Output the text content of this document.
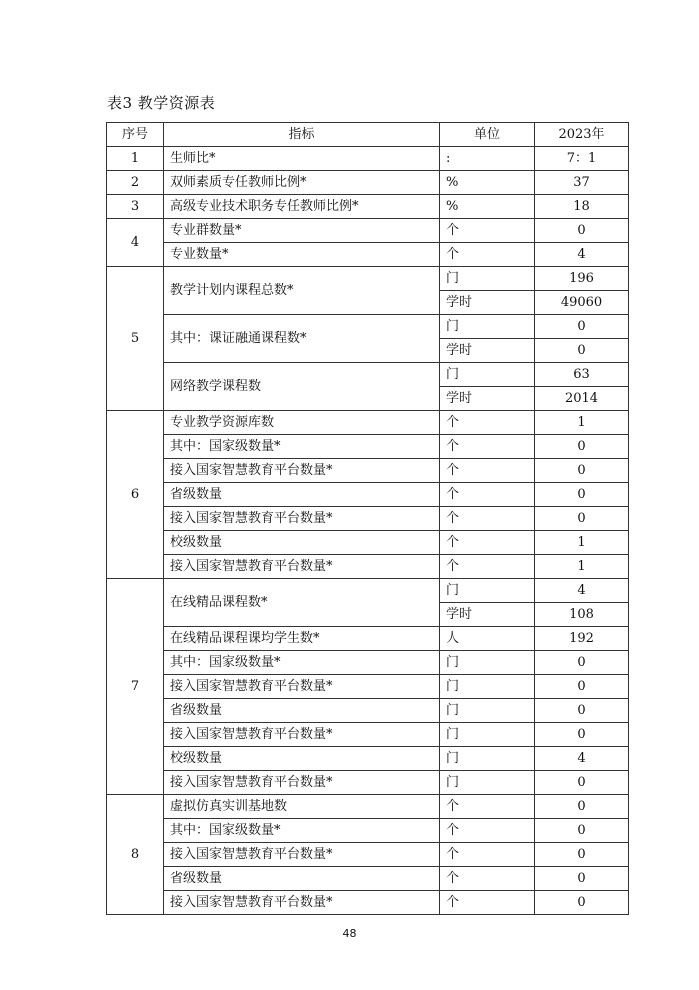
表3 教学资源表
序号	指标	单位	2023年
1	生师比*	:	7：1
2	双师素质专任教师比例*	%	37
3	高级专业技术职务专任教师比例*	%	18
4	专业群数量*	个	0
	专业数量*	个	4
5	教学计划内课程总数*	门	196
		学时	49060
	其中：课证融通课程数*	门	0
		学时	0
	网络教学课程数	门	63
		学时	2014
6	专业教学资源库数	个	1
	其中：国家级数量*	个	0
	接入国家智慧教育平台数量*	个	0
	省级数量	个	0
	接入国家智慧教育平台数量*	个	0
	校级数量	个	1
	接入国家智慧教育平台数量*	个	1
7	在线精品课程数*	门	4
		学时	108
	在线精品课程课均学生数*	人	192
	其中：国家级数量*	门	0
	接入国家智慧教育平台数量*	门	0
	省级数量	门	0
	接入国家智慧教育平台数量*	门	0
	校级数量	门	4
	接入国家智慧教育平台数量*	门	0
8	虚拟仿真实训基地数	个	0
	其中：国家级数量*	个	0
	接入国家智慧教育平台数量*	个	0
	省级数量	个	0
	接入国家智慧教育平台数量*	个	0
48
